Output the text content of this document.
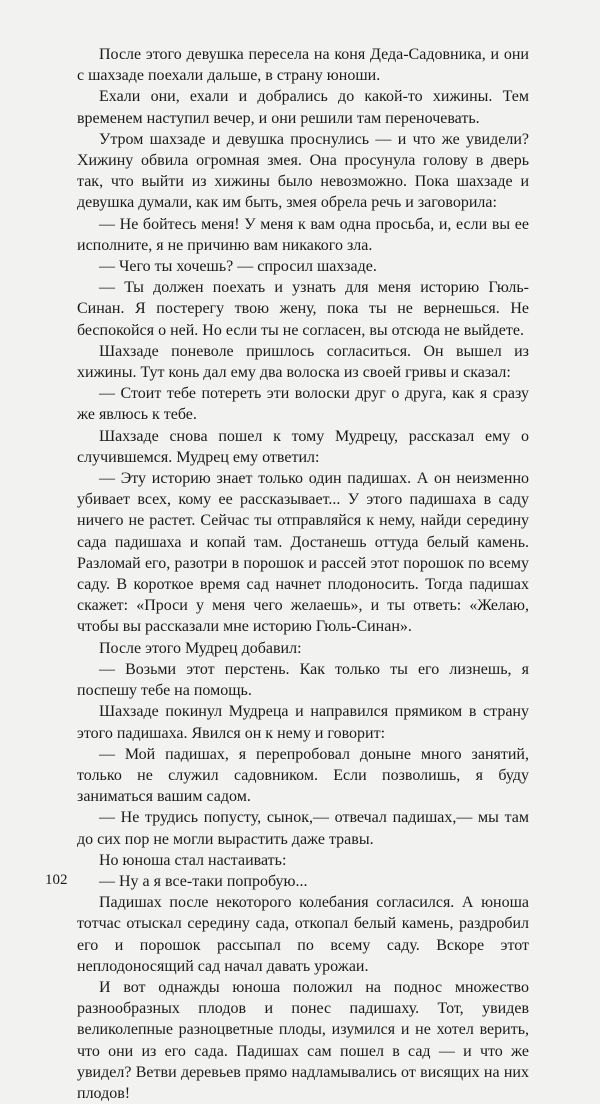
После этого девушка пересела на коня Деда-Садовника, и они с шахзаде поехали дальше, в страну юноши.

Ехали они, ехали и добрались до какой-то хижины. Тем временем наступил вечер, и они решили там переночевать.

Утром шахзаде и девушка проснулись — и что же увидели? Хижину обвила огромная змея. Она просунула голову в дверь так, что выйти из хижины было невозможно. Пока шахзаде и девушка думали, как им быть, змея обрела речь и заговорила:

— Не бойтесь меня! У меня к вам одна просьба, и, если вы ее исполните, я не причиню вам никакого зла.

— Чего ты хочешь? — спросил шахзаде.

— Ты должен поехать и узнать для меня историю Гюль-Синан. Я постерегу твою жену, пока ты не вернешься. Не беспокойся о ней. Но если ты не согласен, вы отсюда не выйдете.

Шахзаде поневоле пришлось согласиться. Он вышел из хижины. Тут конь дал ему два волоска из своей гривы и сказал:

— Стоит тебе потереть эти волоски друг о друга, как я сразу же явлюсь к тебе.

Шахзаде снова пошел к тому Мудрецу, рассказал ему о случившемся. Мудрец ему ответил:

— Эту историю знает только один падишах. А он неизменно убивает всех, кому ее рассказывает... У этого падишаха в саду ничего не растет. Сейчас ты отправляйся к нему, найди середину сада падишаха и копай там. Достанешь оттуда белый камень. Разломай его, разотри в порошок и рассей этот порошок по всему саду. В короткое время сад начнет плодоносить. Тогда падишах скажет: «Проси у меня чего желаешь», и ты ответь: «Желаю, чтобы вы рассказали мне историю Гюль-Синан».

После этого Мудрец добавил:

— Возьми этот перстень. Как только ты его лизнешь, я поспешу тебе на помощь.

Шахзаде покинул Мудреца и направился прямиком в страну этого падишаха. Явился он к нему и говорит:

— Мой падишах, я перепробовал доныне много занятий, только не служил садовником. Если позволишь, я буду заниматься вашим садом.

— Не трудись попусту, сынок,— отвечал падишах,— мы там до сих пор не могли вырастить даже травы.

Но юноша стал настаивать:

— Ну а я все-таки попробую...

Падишах после некоторого колебания согласился. А юноша тотчас отыскал середину сада, откопал белый камень, раздробил его и порошок рассыпал по всему саду. Вскоре этот неплодоносящий сад начал давать урожаи.

И вот однажды юноша положил на поднос множество разнообразных плодов и понес падишаху. Тот, увидев великолепные разноцветные плоды, изумился и не хотел верить, что они из его сада. Падишах сам пошел в сад — и что же увидел? Ветви деревьев прямо надламывались от висящих на них плодов!

102
